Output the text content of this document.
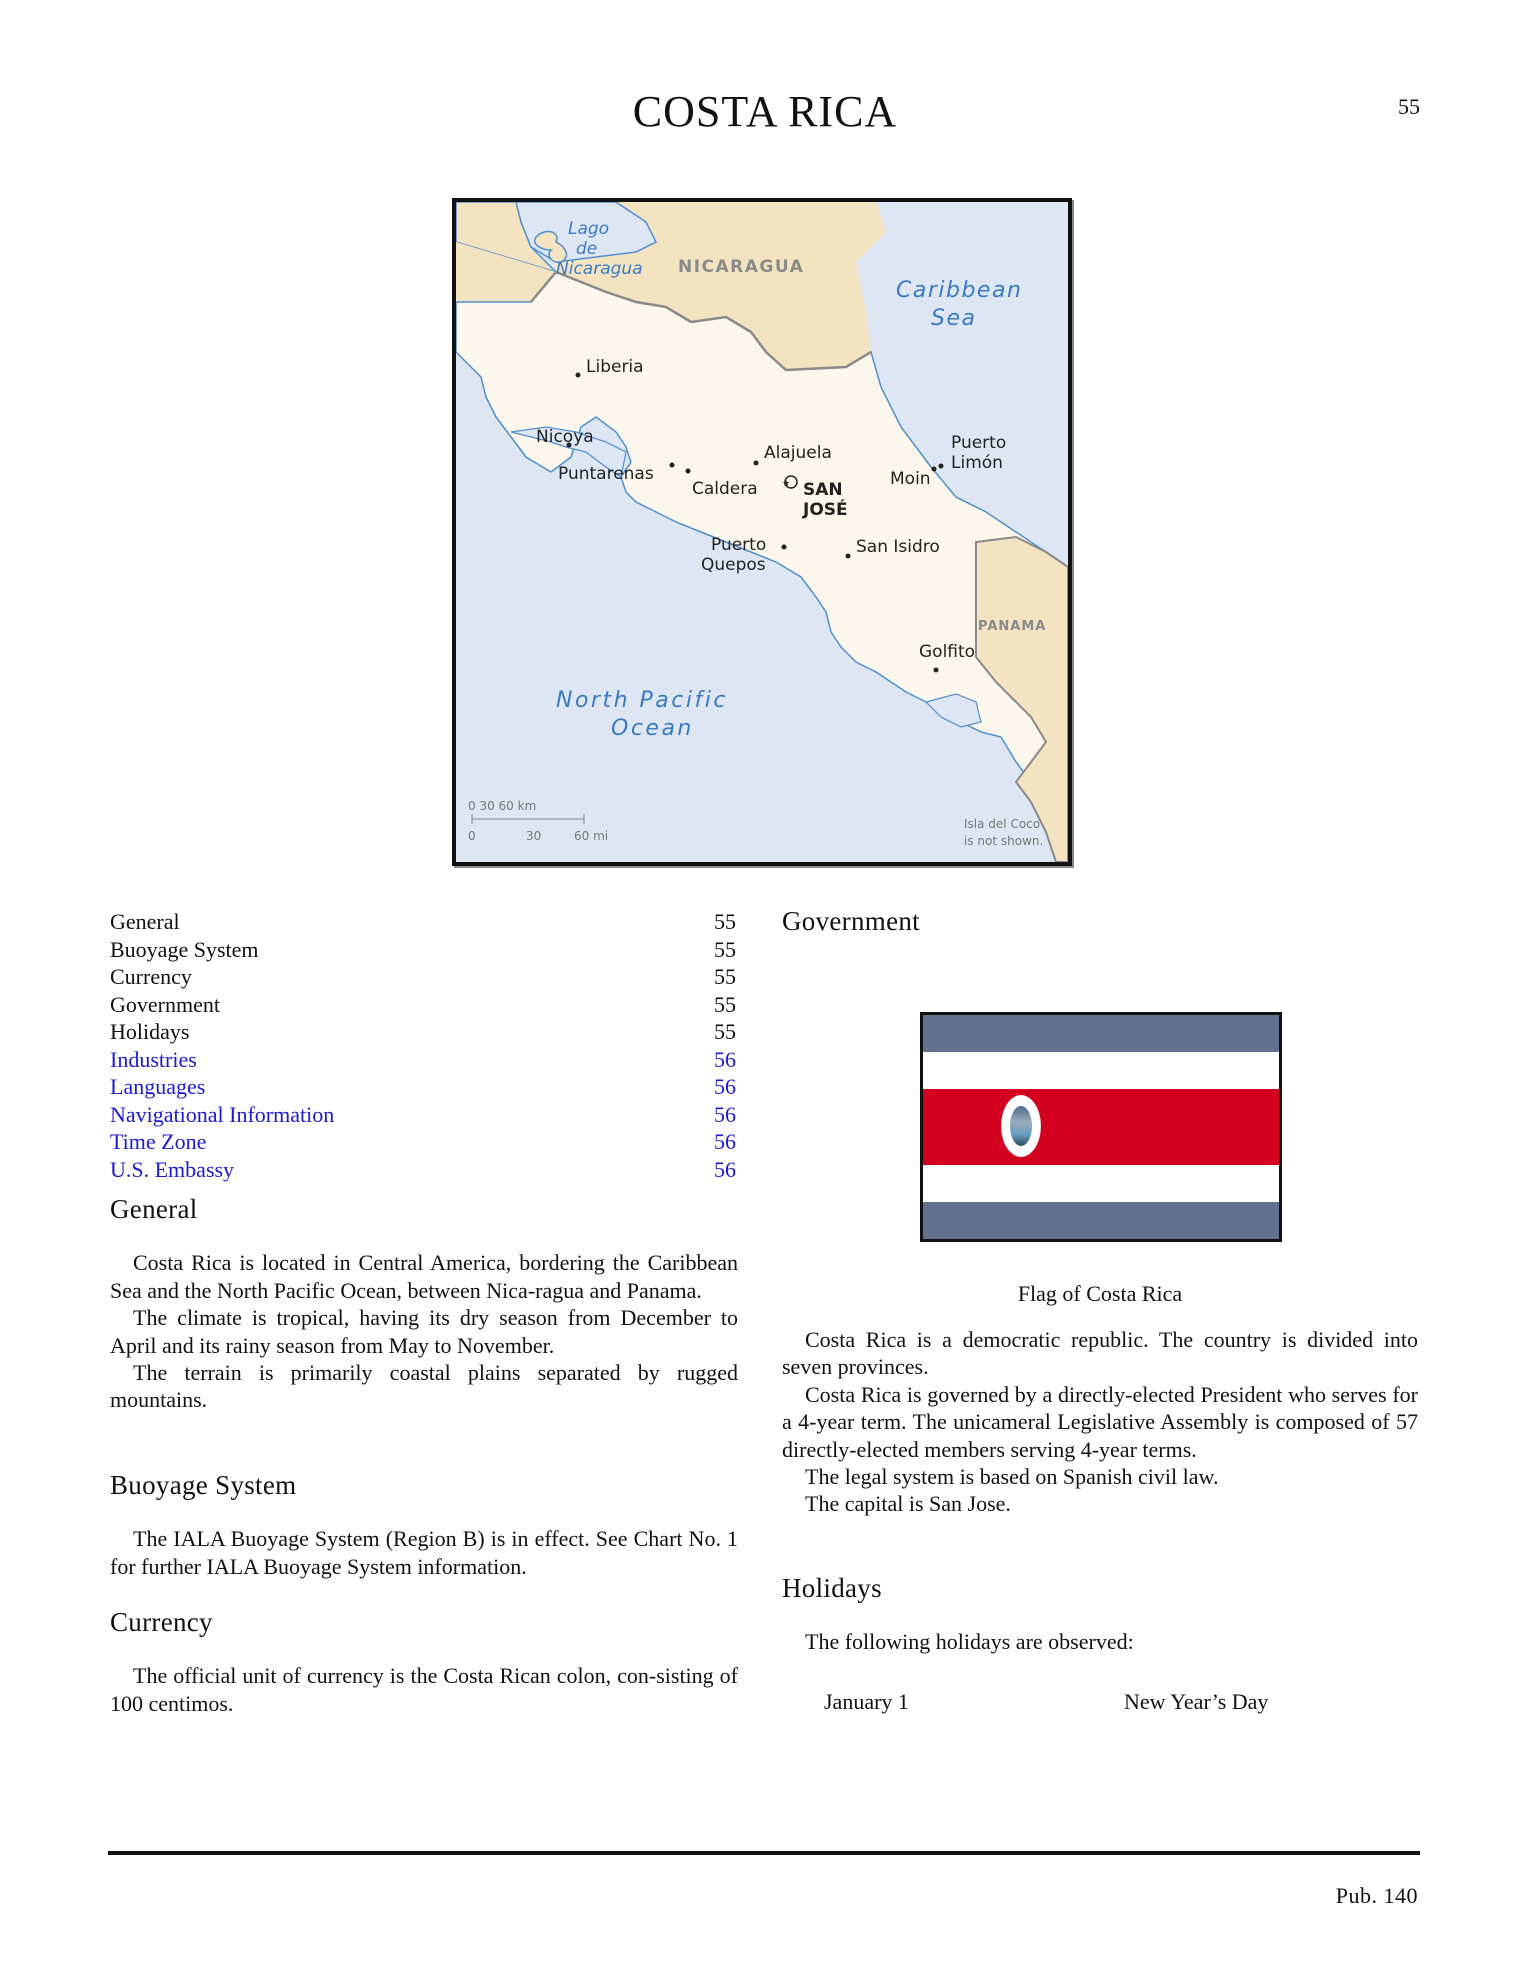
COSTA RICA	55
Lago
de
Nicaragua
Caribbean
Sea
North Pacific
Ocean
NICARAGUA
PANAMA
Liberia
Nicoya
Puntarenas
Caldera
Alajuela
Moin
Puerto
Limón
Puerto
Quepos
San Isidro
Golfito
★ SAN
JOSÉ
0 30 60 km
0	30	60 mi
Isla del Coco
is not shown.
General	55
Buoyage System	55
Currency	55
Government	55
Holidays	55
Industries	56
Languages	56
Navigational Information	56
Time Zone	56
U.S. Embassy	56
General

Costa Rica is located in Central America, bordering the Caribbean Sea and the North Pacific Ocean, between Nica-ragua and Panama.

The climate is tropical, having its dry season from December to April and its rainy season from May to November.

The terrain is primarily coastal plains separated by rugged mountains.

Buoyage System

The IALA Buoyage System (Region B) is in effect. See Chart No. 1 for further IALA Buoyage System information.

Currency

The official unit of currency is the Costa Rican colon, con-sisting of 100 centimos.

Government
Flag of Costa Rica

Costa Rica is a democratic republic. The country is divided into seven provinces.

Costa Rica is governed by a directly-elected President who serves for a 4-year term. The unicameral Legislative Assembly is composed of 57 directly-elected members serving 4-year terms.

The legal system is based on Spanish civil law.

The capital is San Jose.

Holidays

The following holidays are observed:

January 1	New Year’s Day
Pub. 140
